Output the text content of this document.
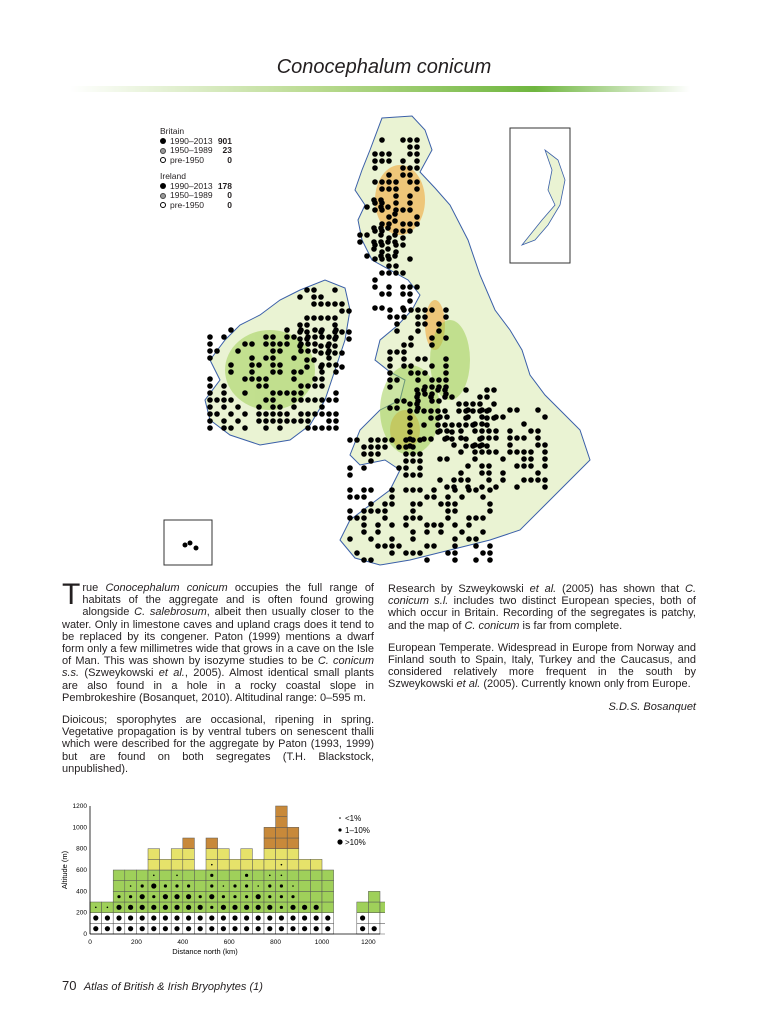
Conocephalum conicum
Britain
1990–2013 901
1950–1989	23
pre-1950	0
Ireland
1990–2013 178
1950–1989	0
pre-1950	0

True Conocephalum conicum occupies the full range of habitats of the aggregate and is often found growing alongside C. salebrosum, albeit then usually closer to the water. Only in limestone caves and upland crags does it tend to be replaced by its congener. Paton (1999) mentions a dwarf form only a few millimetres wide that grows in a cave on the Isle of Man. This was shown by isozyme studies to be C. conicum s.s. (Szweykowski et al., 2005). Almost identical small plants are also found in a hole in a rocky coastal slope in Pembrokeshire (Bosanquet, 2010). Altitudinal range: 0–595 m.

Dioicous; sporophytes are occasional, ripening in spring. Vegetative propagation is by ventral tubers on senescent thalli which were described for the aggregate by Paton (1993, 1999) but are found on both segregates (T.H. Blackstock, unpublished).

Research by Szweykowski et al. (2005) has shown that C. conicum s.l. includes two distinct European species, both of which occur in Britain. Recording of the segregates is patchy, and the map of C. conicum is far from complete.

European Temperate. Widespread in Europe from Norway and Finland south to Spain, Italy, Turkey and the Caucasus, and considered relatively more frequent in the south by Szweykowski et al. (2005). Currently known only from Europe.

S.D.S. Bosanquet

0	200	400	600	800	1000	1200
0
200
400
600
800
1000
1200
Distance north (km)
Altitude (m)
<1%
1–10%
>10%
70 Atlas of British & Irish Bryophytes (1)
